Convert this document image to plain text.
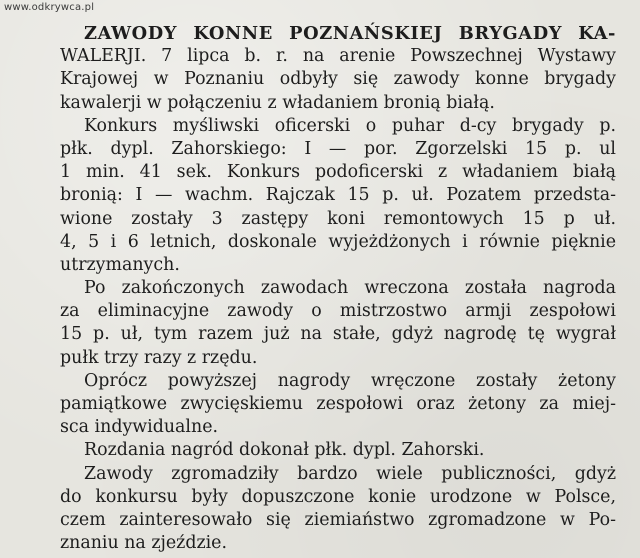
www.odkrywca.pl
ZAWODY KONNE POZNAŃSKIEJ BRYGADY KA-
WALERJI. 7 lipca b. r. na arenie Powszechnej Wystawy
Krajowej w Poznaniu odbyły się zawody konne brygady
kawalerji w połączeniu z władaniem bronią białą.
Konkurs myśliwski oficerski o puhar d-cy brygady p.
płk. dypl. Zahorskiego: I — por. Zgorzelski 15 p. ul
1 min. 41 sek. Konkurs podoficerski z władaniem białą
bronią: I — wachm. Rajczak 15 p. uł. Pozatem przedsta-
wione zostały 3 zastępy koni remontowych 15 p uł.
4, 5 i 6 letnich, doskonale wyjeżdżonych i równie pięknie
utrzymanych.
Po zakończonych zawodach wreczona została nagroda
za eliminacyjne zawody o mistrzostwo armji zespołowi
15 p. uł, tym razem już na stałe, gdyż nagrodę tę wygrał
pułk trzy razy z rzędu.
Oprócz powyższej nagrody wręczone zostały żetony
pamiątkowe zwycięskiemu zespołowi oraz żetony za miej-
sca indywidualne.
Rozdania nagród dokonał płk. dypl. Zahorski.
Zawody zgromadziły bardzo wiele publiczności, gdyż
do konkursu były dopuszczone konie urodzone w Polsce,
czem zainteresowało się ziemiaństwo zgromadzone w Po-
znaniu na zjeździe.
